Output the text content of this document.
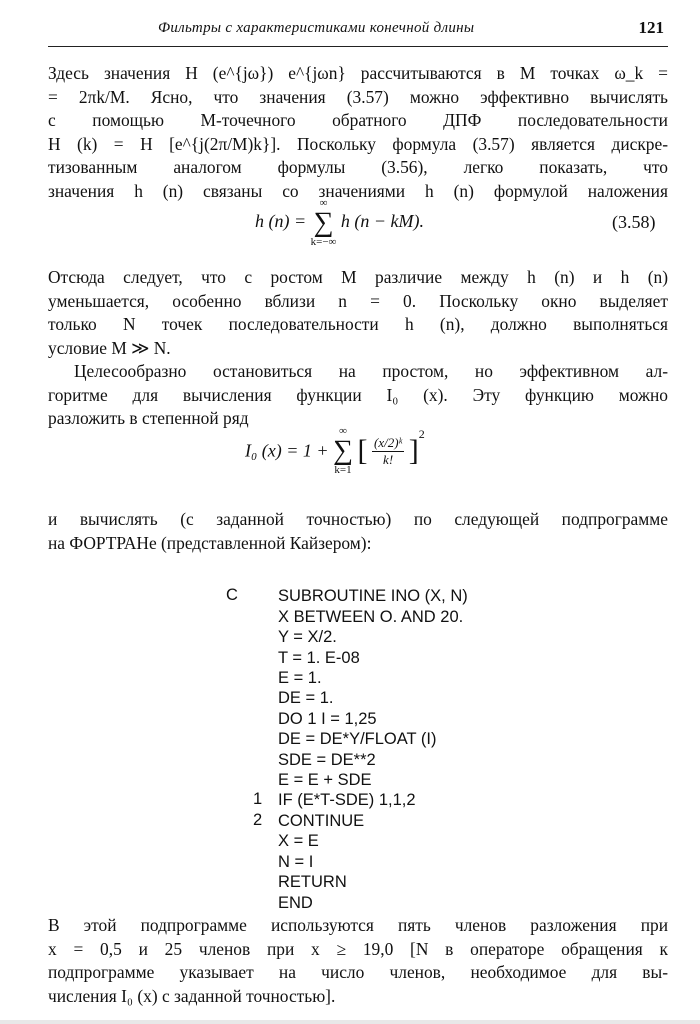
Фильтры с характеристиками конечной длины	121
Здесь значения H (e^{jω}) e^{jωn} рассчитываются в M точках ω_k =
= 2πk/M. Ясно, что значения (3.57) можно эффективно вычислять
с помощью M-точечного обратного ДПФ последовательности
H (k) = H [e^{j(2π/M)k}]. Поскольку формула (3.57) является дискре-
тизованным аналогом формулы (3.56), легко показать, что
значения h (n) связаны со значениями h (n) формулой наложения
h (n) =
∞
∑
k=−∞
h (n − kM).	(3.58)
Отсюда следует, что с ростом M различие между h (n) и h (n)
уменьшается, особенно вблизи n = 0. Поскольку окно выделяет
только N точек последовательности h (n), должно выполняться
условие M ≫ N.
Целесообразно остановиться на простом, но эффективном ал-
горитме для вычисления функции I₀ (x). Эту функцию можно
разложить в степенной ряд
I₀ (x) = 1 +
∞
∑
k=1
[ $\frac{\text{(x/2)ᵏ}}{k!} ]^2$
и вычислять (с заданной точностью) по следующей подпрограмме
на ФОРТРАНе (представленной Кайзером):
C
1
2

SUBROUTINE INO (X, N)
X BETWEEN O. AND 20.
Y = X/2.
T = 1. E-08
E = 1.
DE = 1.
DO 1 I = 1,25
DE = DE*Y/FLOAT (I)
SDE = DE**2
E = E + SDE
IF (E*T-SDE) 1,1,2
CONTINUE
X = E
N = I
RETURN
END

В этой подпрограмме используются пять членов разложения при
x = 0,5 и 25 членов при x ≥ 19,0 [N в операторе обращения к
подпрограмме указывает на число членов, необходимое для вы-
числения I₀ (x) с заданной точностью].
